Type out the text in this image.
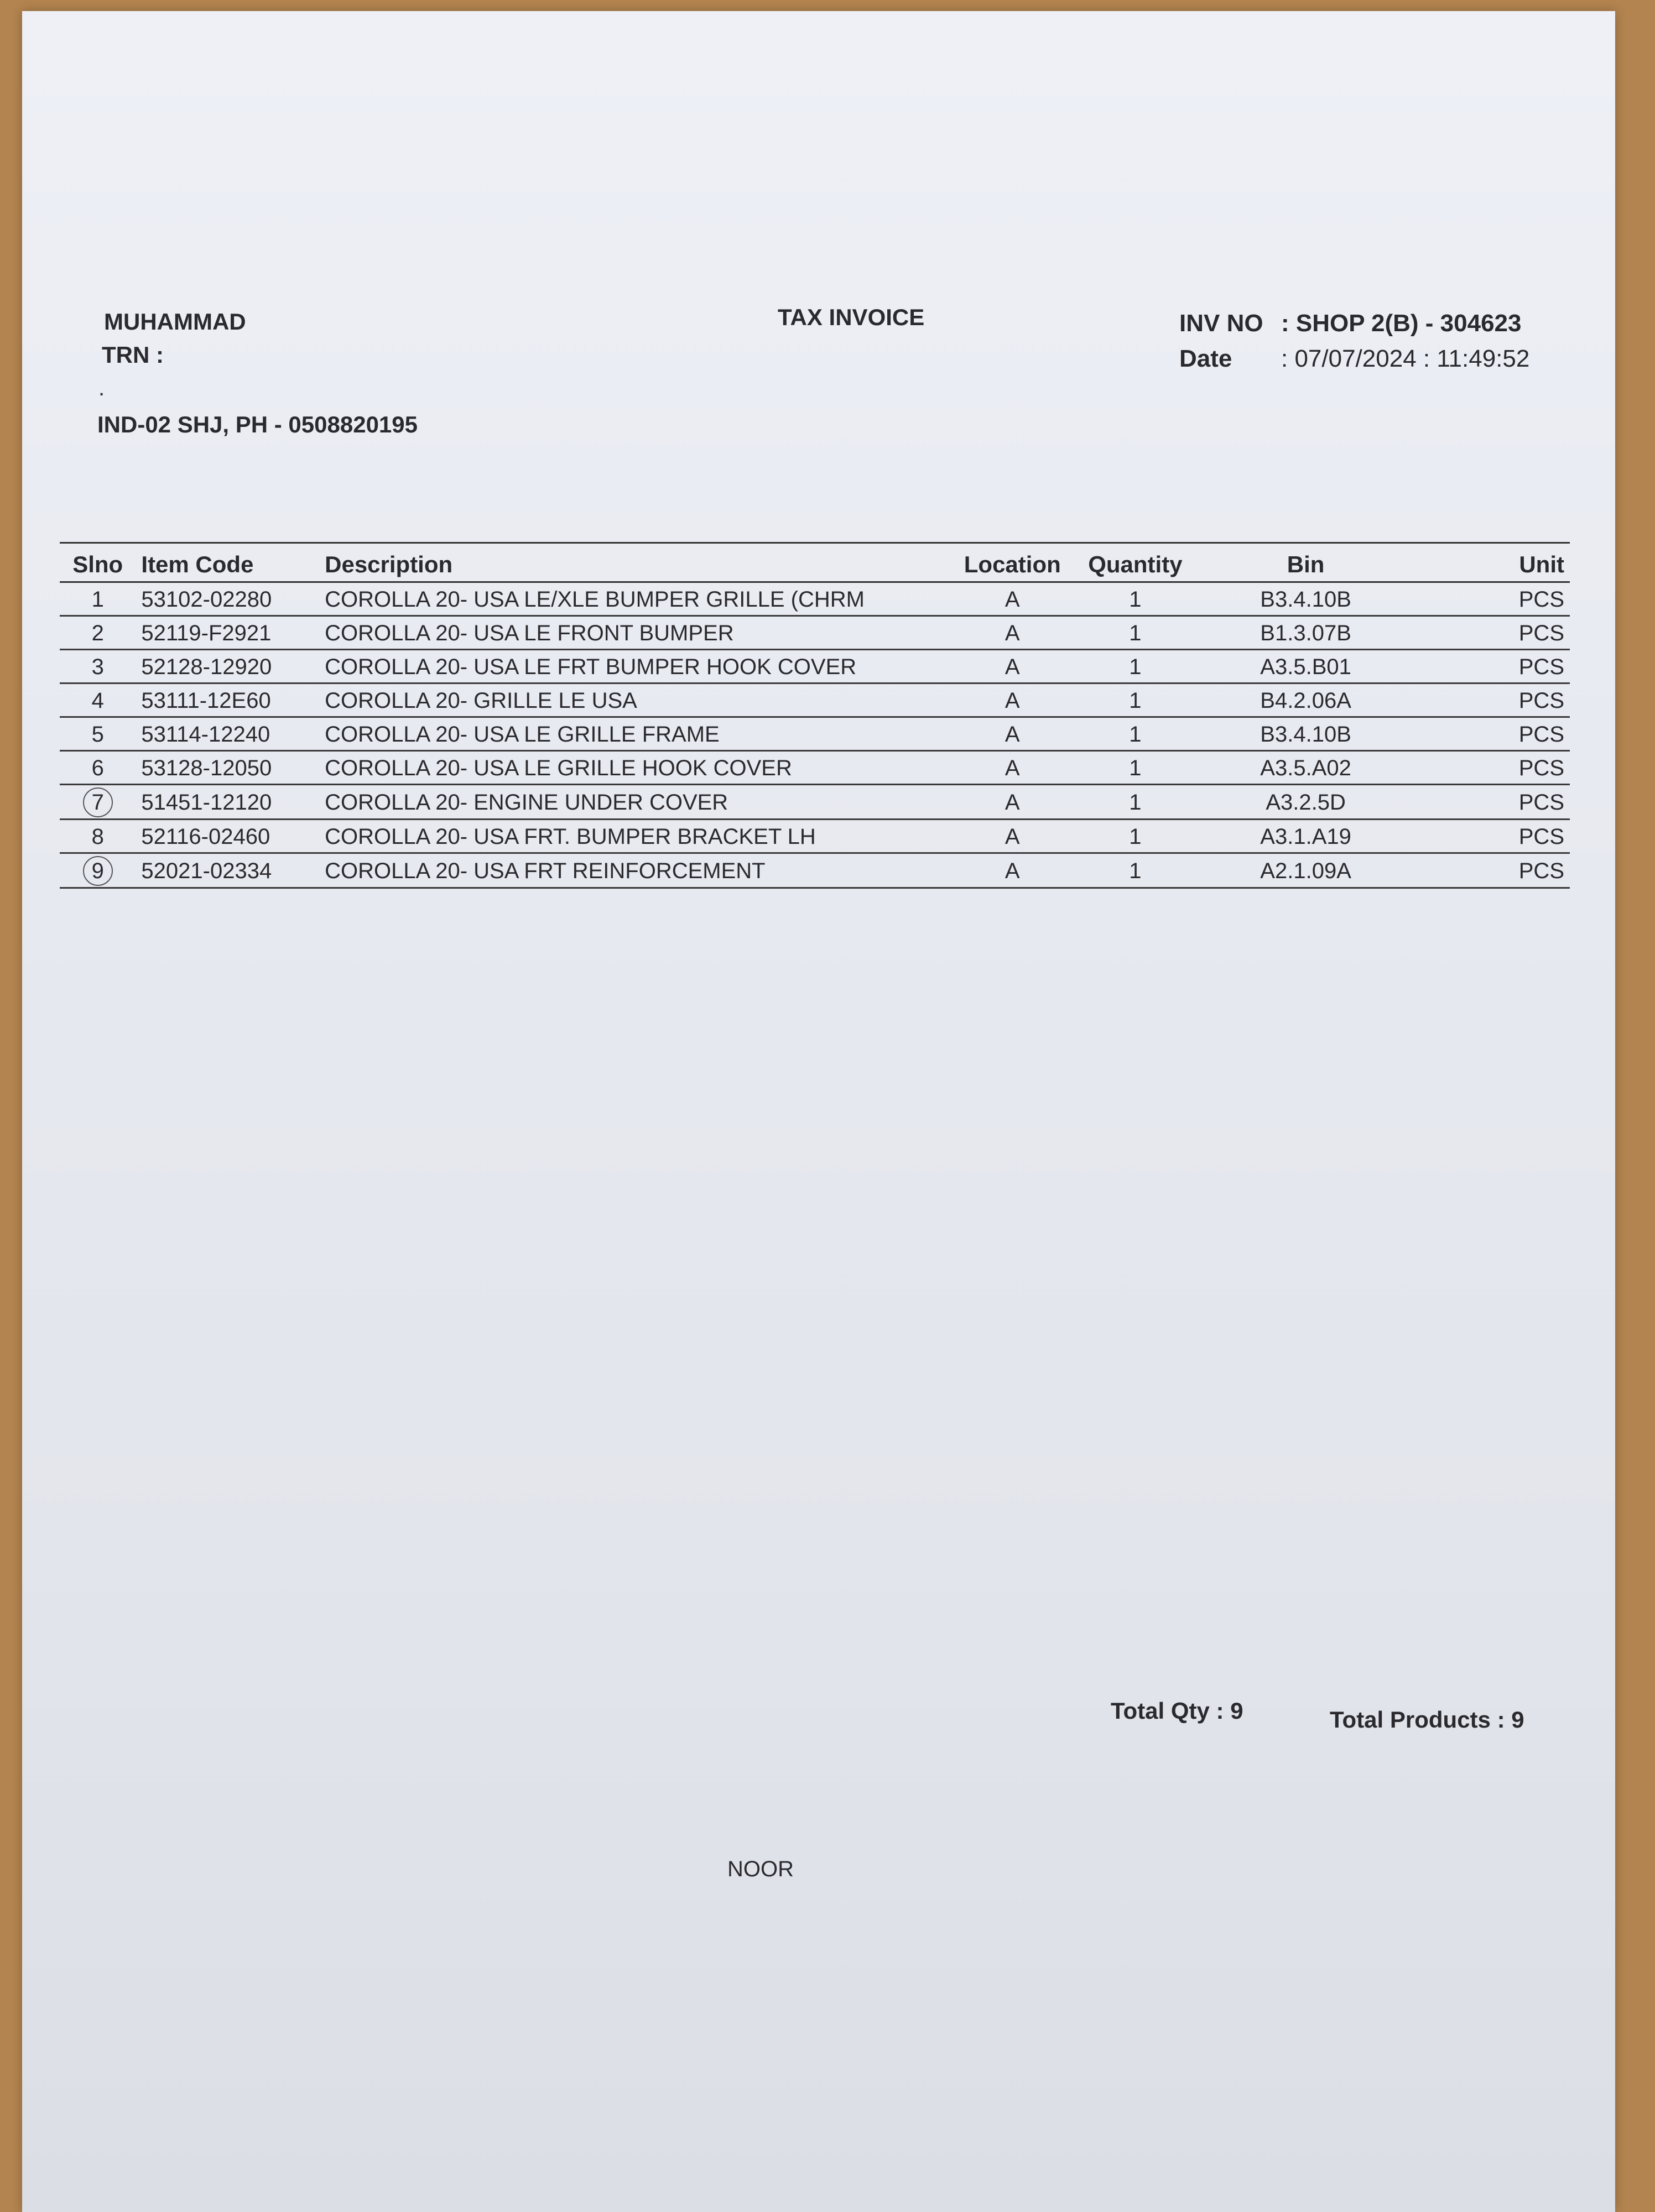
MUHAMMAD
TRN :
.
IND-02 SHJ, PH - 0508820195
TAX INVOICE	INV NO : SHOP 2(B) - 304623
Date : 07/07/2024 : 11:49:52
Slno	Item Code	Description	Location	Quantity	Bin	Unit
1	53102-02280	COROLLA 20- USA LE/XLE BUMPER GRILLE (CHRM	A	1	B3.4.10B	PCS
2	52119-F2921	COROLLA 20- USA LE FRONT BUMPER	A	1	B1.3.07B	PCS
3	52128-12920	COROLLA 20- USA LE FRT BUMPER HOOK COVER	A	1	A3.5.B01	PCS
4	53111-12E60	COROLLA 20- GRILLE LE USA	A	1	B4.2.06A	PCS
5	53114-12240	COROLLA 20- USA LE GRILLE FRAME	A	1	B3.4.10B	PCS
6	53128-12050	COROLLA 20- USA LE GRILLE HOOK COVER	A	1	A3.5.A02	PCS
7	51451-12120	COROLLA 20- ENGINE UNDER COVER	A	1	A3.2.5D	PCS
8	52116-02460	COROLLA 20- USA FRT. BUMPER BRACKET LH	A	1	A3.1.A19	PCS
9	52021-02334	COROLLA 20- USA FRT REINFORCEMENT	A	1	A2.1.09A	PCS
Total Qty : 9	Total Products : 9
NOOR
